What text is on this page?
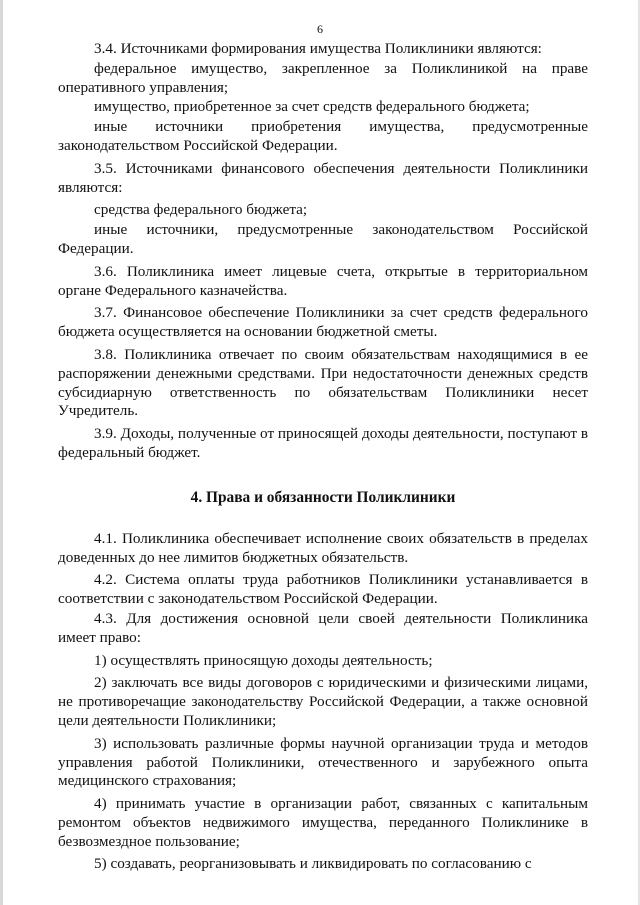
6

3.4. Источниками формирования имущества Поликлиники являются:

федеральное имущество, закрепленное за Поликлиникой на праве оперативного управления;

имущество, приобретенное за счет средств федерального бюджета;

иные источники приобретения имущества, предусмотренные законодательством Российской Федерации.

3.5. Источниками финансового обеспечения деятельности Поликлиники являются:

средства федерального бюджета;

иные источники, предусмотренные законодательством Российской Федерации.

3.6. Поликлиника имеет лицевые счета, открытые в территориальном органе Федерального казначейства.

3.7. Финансовое обеспечение Поликлиники за счет средств федерального бюджета осуществляется на основании бюджетной сметы.

3.8. Поликлиника отвечает по своим обязательствам находящимися в ее распоряжении денежными средствами. При недостаточности денежных средств субсидиарную ответственность по обязательствам Поликлиники несет Учредитель.

3.9. Доходы, полученные от приносящей доходы деятельности, поступают в федеральный бюджет.

4. Права и обязанности Поликлиники

4.1. Поликлиника обеспечивает исполнение своих обязательств в пределах доведенных до нее лимитов бюджетных обязательств.

4.2. Система оплаты труда работников Поликлиники устанавливается в соответствии с законодательством Российской Федерации.

4.3. Для достижения основной цели своей деятельности Поликлиника имеет право:

1) осуществлять приносящую доходы деятельность;

2) заключать все виды договоров с юридическими и физическими лицами, не противоречащие законодательству Российской Федерации, а также основной цели деятельности Поликлиники;

3) использовать различные формы научной организации труда и методов управления работой Поликлиники, отечественного и зарубежного опыта медицинского страхования;

4) принимать участие в организации работ, связанных с капитальным ремонтом объектов недвижимого имущества, переданного Поликлинике в безвозмездное пользование;

5) создавать, реорганизовывать и ликвидировать по согласованию с
